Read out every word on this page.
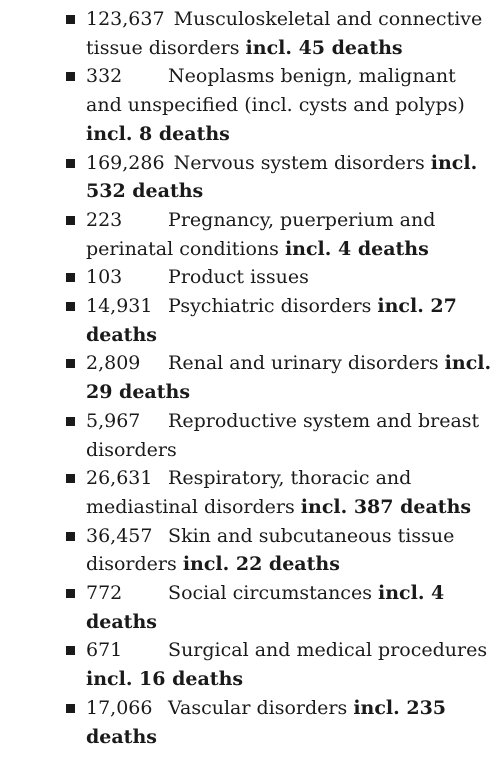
123,637 Musculoskeletal and connective tissue disorders incl. 45 deaths
332 Neoplasms benign, malignant and unspecified (incl. cysts and polyps) incl. 8 deaths
169,286 Nervous system disorders incl. 532 deaths
223 Pregnancy, puerperium and perinatal conditions incl. 4 deaths
103 Product issues
14,931 Psychiatric disorders incl. 27 deaths
2,809 Renal and urinary disorders incl. 29 deaths
5,967 Reproductive system and breast disorders
26,631 Respiratory, thoracic and mediastinal disorders incl. 387 deaths
36,457 Skin and subcutaneous tissue disorders incl. 22 deaths
772 Social circumstances incl. 4 deaths
671 Surgical and medical procedures incl. 16 deaths
17,066 Vascular disorders incl. 235 deaths
